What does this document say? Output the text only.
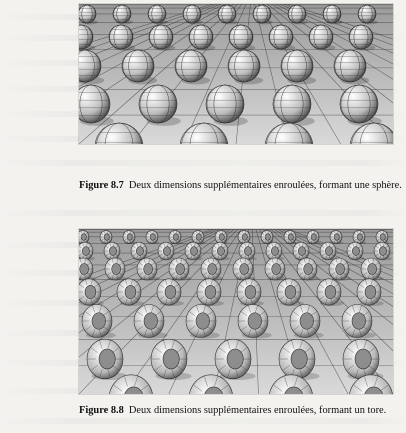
Figure 8.7 Deux dimensions supplémentaires enroulées, formant une sphère.
Figure 8.8 Deux dimensions supplémentaires enroulées, formant un tore.
